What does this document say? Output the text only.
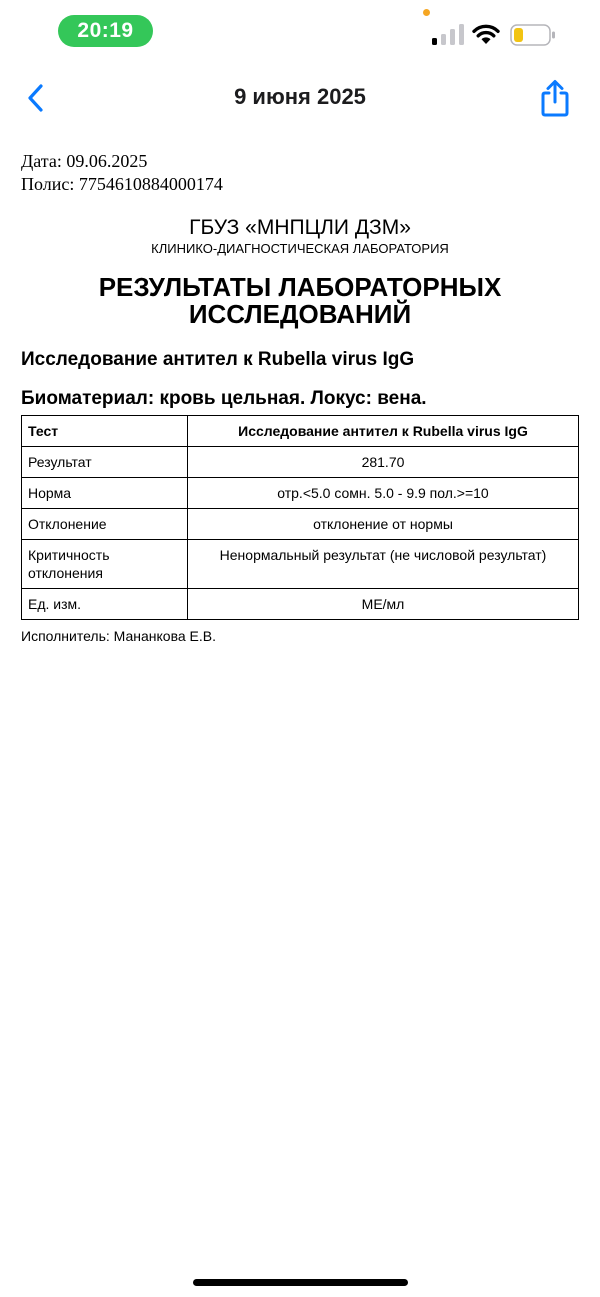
20:19
9 июня 2025
Дата: 09.06.2025
Полис: 7754610884000174
ГБУЗ «МНПЦЛИ ДЗМ»
КЛИНИКО-ДИАГНОСТИЧЕСКАЯ ЛАБОРАТОРИЯ
РЕЗУЛЬТАТЫ ЛАБОРАТОРНЫХ ИССЛЕДОВАНИЙ
Исследование антител к Rubella virus IgG
Биоматериал: кровь цельная. Локус: вена.
Тест	Исследование антител к Rubella virus IgG
Результат	281.70
Норма	отр.<5.0 сомн. 5.0 - 9.9 пол.>=10
Отклонение	отклонение от нормы
Критичность отклонения	Ненормальный результат (не числовой результат)
Ед. изм.	МЕ/мл
Исполнитель: Мананкова Е.В.
